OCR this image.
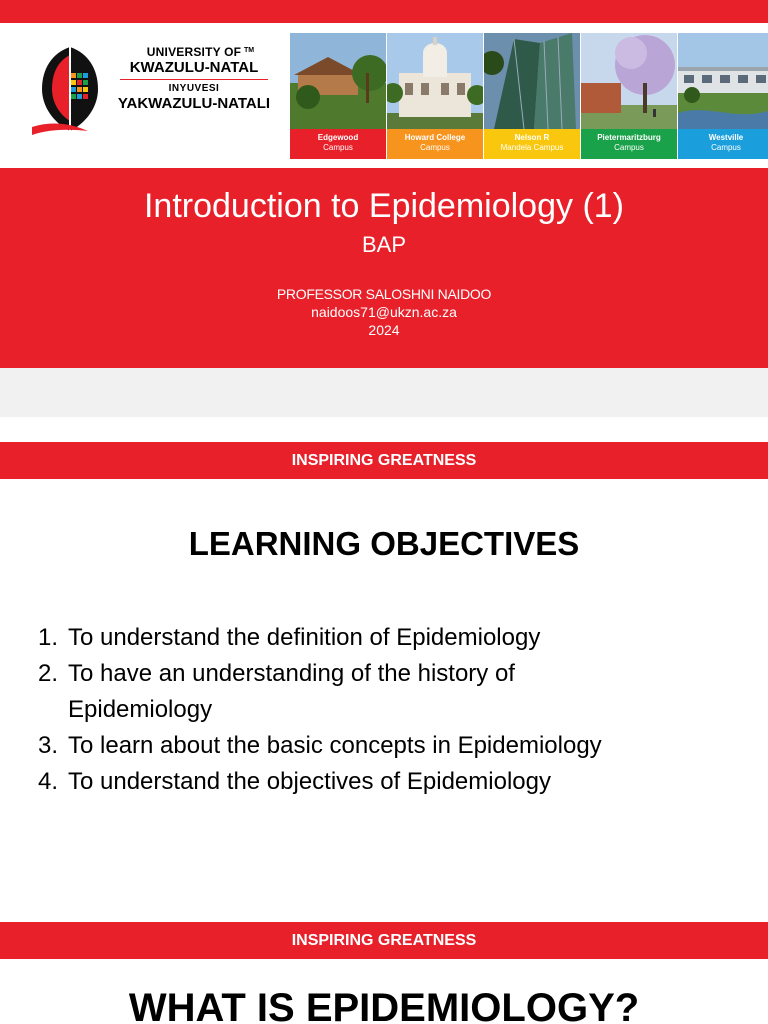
TM
UNIVERSITY OF
KWAZULU-NATAL
INYUVESI
YAKWAZULU-NATALI
Edgewood
Campus
Howard College
Campus
Nelson R
Mandela Campus
Pietermaritzburg
Campus
Westville
Campus
Introduction to Epidemiology (1)
BAP
PROFESSOR SALOSHNI NAIDOO
naidoos71@ukzn.ac.za
2024
INSPIRING GREATNESS
LEARNING OBJECTIVES
1. To understand the definition of Epidemiology
2. To have an understanding of the history of
Epidemiology
3. To learn about the basic concepts in Epidemiology
4. To understand the objectives of Epidemiology
INSPIRING GREATNESS
WHAT IS EPIDEMIOLOGY?
